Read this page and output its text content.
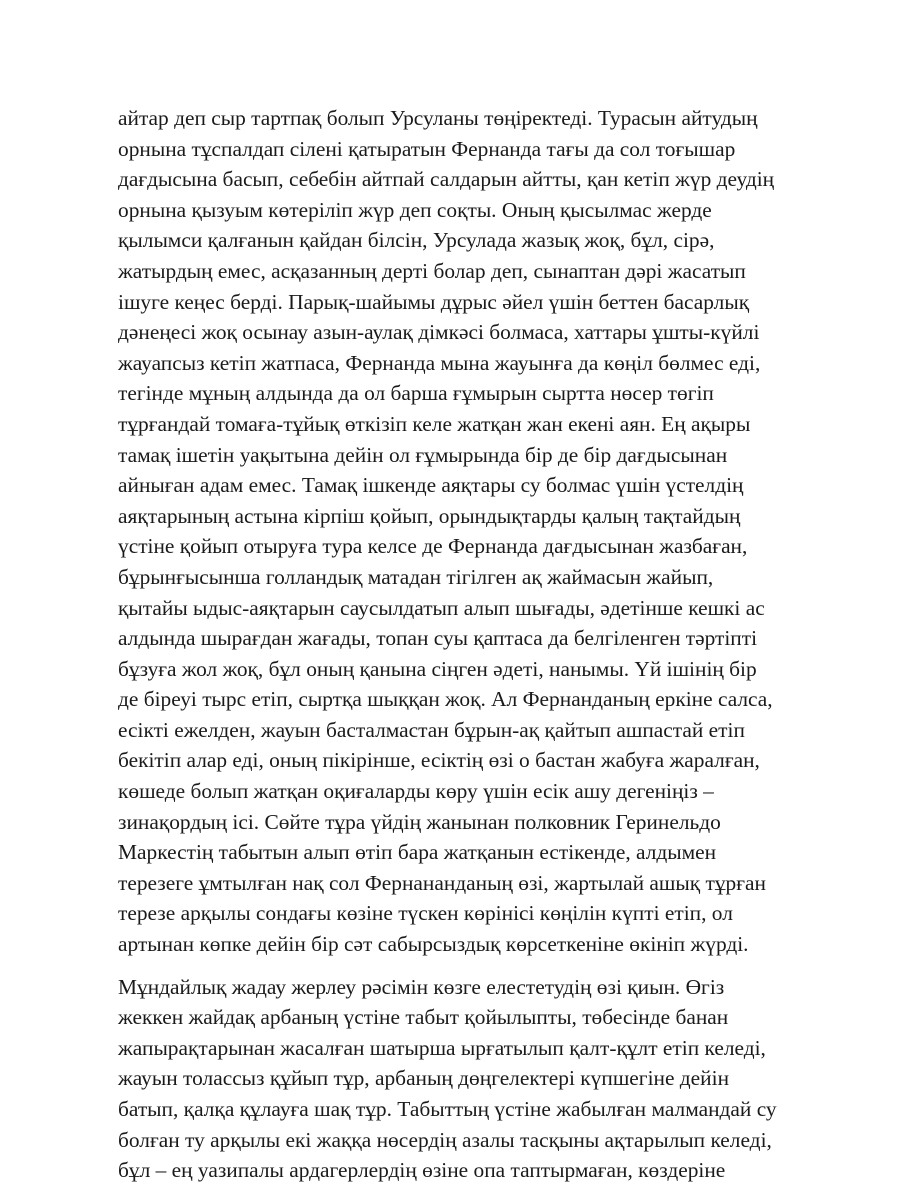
айтар деп сыр тартпақ болып Урсуланы төңіректеді. Турасын айтудың
орнына тұспалдап сілені қатыратын Фернанда тағы да сол тоғышар
дағдысына басып, себебін айтпай салдарын айтты, қан кетіп жүр деудің
орнына қызуым көтеріліп жүр деп соқты. Оның қысылмас жерде
қылымси қалғанын қайдан білсін, Урсулада жазық жоқ, бұл, сірә,
жатырдың емес, асқазанның дерті болар деп, сынаптан дәрі жасатып
ішуге кеңес берді. Парық-шайымы дұрыс әйел үшін беттен басарлық
дәнеңесі жоқ осынау азын-аулақ дімкәсі болмаса, хаттары ұшты-күйлі
жауапсыз кетіп жатпаса, Фернанда мына жауынға да көңіл бөлмес еді,
тегінде мұның алдында да ол барша ғұмырын сыртта нөсер төгіп
тұрғандай томаға-тұйық өткізіп келе жатқан жан екені аян. Ең ақыры
тамақ ішетін уақытына дейін ол ғұмырында бір де бір дағдысынан
айныған адам емес. Тамақ ішкенде аяқтары су болмас үшін үстелдің
аяқтарының астына кірпіш қойып, орындықтарды қалың тақтайдың
үстіне қойып отыруға тура келсе де Фернанда дағдысынан жазбаған,
бұрынғысынша голландық матадан тігілген ақ жаймасын жайып,
қытайы ыдыс-аяқтарын саусылдатып алып шығады, әдетінше кешкі ас
алдында шырағдан жағады, топан суы қаптаса да белгіленген тәртіпті
бұзуға жол жоқ, бұл оның қанына сіңген әдеті, нанымы. Үй ішінің бір
де біреуі тырс етіп, сыртқа шыққан жоқ. Ал Фернанданың еркіне салса,
есікті ежелден, жауын басталмастан бұрын-ақ қайтып ашпастай етіп
бекітіп алар еді, оның пікірінше, есіктің өзі о бастан жабуға жаралған,
көшеде болып жатқан оқиғаларды көру үшін есік ашу дегеніңіз –
зинақордың ісі. Сөйте тұра үйдің жанынан полковник Геринельдо
Маркестің табытын алып өтіп бара жатқанын естікенде, алдымен
терезеге ұмтылған нақ сол Фернананданың өзі, жартылай ашық тұрған
терезе арқылы сондағы көзіне түскен көрінісі көңілін күпті етіп, ол
артынан көпке дейін бір сәт сабырсыздық көрсеткеніне өкініп жүрді.
Мұндайлық жадау жерлеу рәсімін көзге елестетудің өзі қиын. Өгіз
жеккен жайдақ арбаның үстіне табыт қойылыпты, төбесінде банан
жапырақтарынан жасалған шатырша ырғатылып қалт-құлт етіп келеді,
жауын толассыз құйып тұр, арбаның дөңгелектері күпшегіне дейін
батып, қалқа құлауға шақ тұр. Табыттың үстіне жабылған малмандай су
болған ту арқылы екі жаққа нөсердің азалы тасқыны ақтарылып келеді,
бұл – ең уазипалы ардагерлердің өзіне опа таптырмаған, көздеріне
